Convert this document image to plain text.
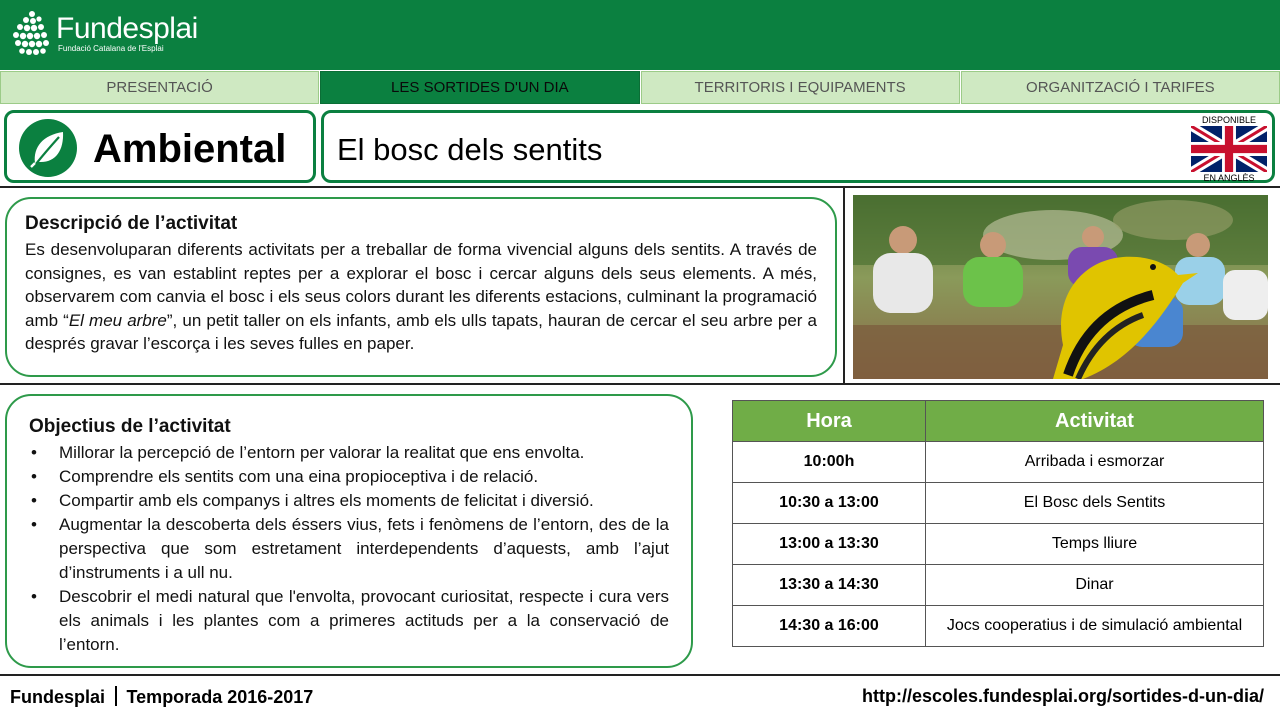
Fundesplai
Fundació Catalana de l'Esplai
PRESENTACIÓ	LES SORTIDES D'UN DIA	TERRITORIS I EQUIPAMENTS	ORGANITZACIÓ I TARIFES
Ambiental El bosc dels sentits
DISPONIBLE
EN ANGLÈS
Descripció de l’activitat

Es desenvoluparan diferents activitats per a treballar de forma vivencial alguns dels sentits. A través de consignes, es van establint reptes per a explorar el bosc i cercar alguns dels seus elements. A més, observarem com canvia el bosc i els seus colors durant les diferents estacions, culminant la programació amb “El meu arbre”, un petit taller on els infants, amb els ulls tapats, hauran de cercar el seu arbre per a després gravar l’escorça i les seves fulles en paper.

Objectius de l’activitat
• Millorar la percepció de l’entorn per valorar la realitat que ens envolta.
• Comprendre els sentits com una eina propioceptiva i de relació.
• Compartir amb els companys i altres els moments de felicitat i diversió.
• Augmentar la descoberta dels éssers vius, fets i fenòmens de l’entorn, des de la perspectiva que som estretament interdependents d’aquests, amb l’ajut d’instruments i a ull nu.
• Descobrir el medi natural que l'envolta, provocant curiositat, respecte i cura vers els animals i les plantes com a primeres actituds per a la conservació de l’entorn.
Hora	Activitat
10:00h	Arribada i esmorzar
10:30 a 13:00	El Bosc dels Sentits
13:00 a 13:30	Temps lliure
13:30 a 14:30	Dinar
14:30 a 16:00	Jocs cooperatius i de simulació ambiental
Fundesplai Temporada 2016-2017	http://escoles.fundesplai.org/sortides-d-un-dia/
